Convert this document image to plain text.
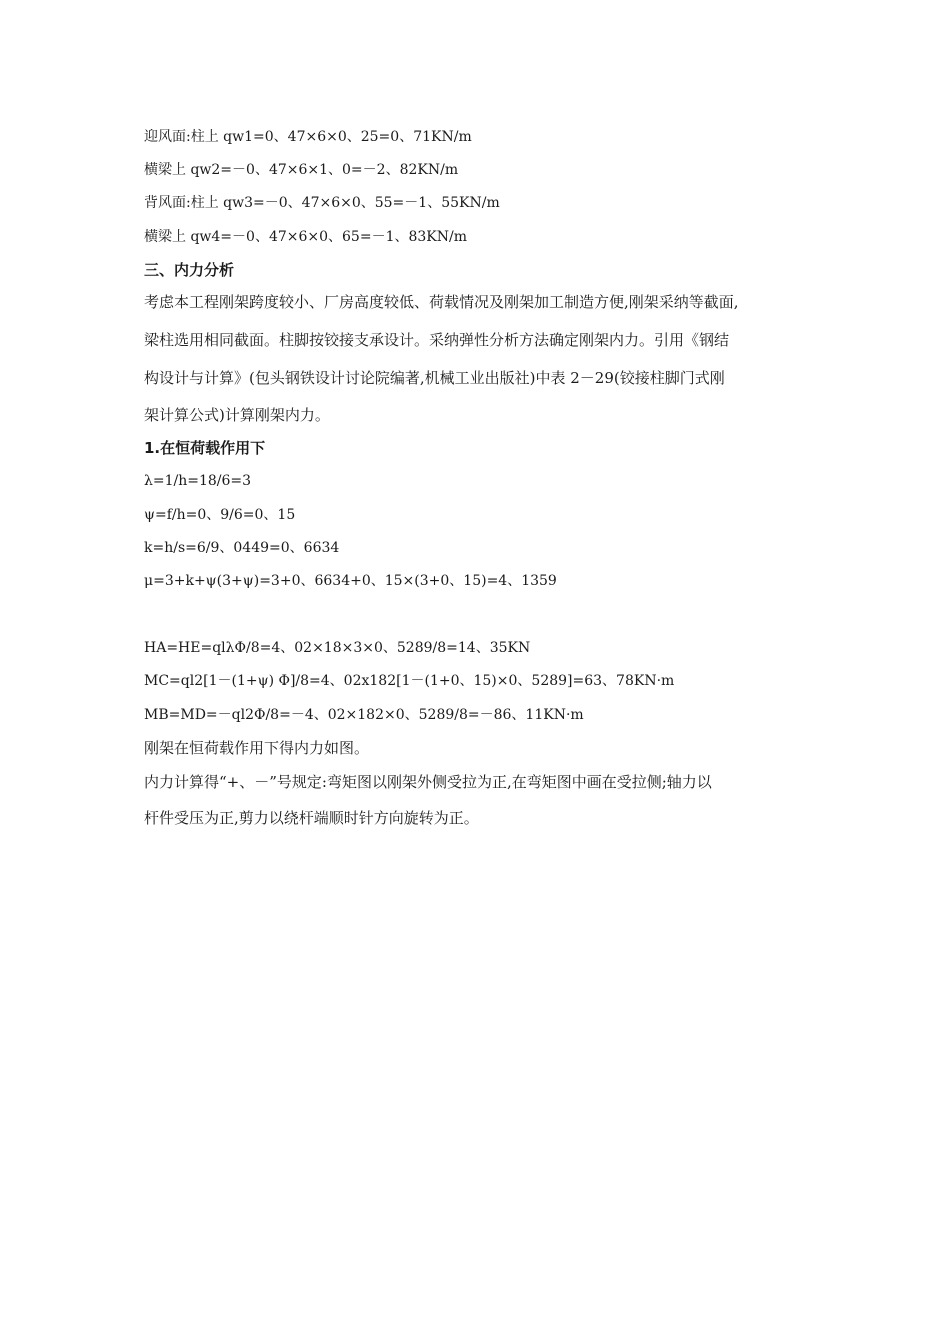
迎风面:柱上 qw1=0、47×6×0、25=0、71KN/m
横梁上 qw2=－0、47×6×1、0=－2、82KN/m
背风面:柱上 qw3=－0、47×6×0、55=－1、55KN/m
横梁上 qw4=－0、47×6×0、65=－1、83KN/m
三、内力分析
考虑本工程刚架跨度较小、厂房高度较低、荷载情况及刚架加工制造方便,刚架采纳等截面,
梁柱选用相同截面。柱脚按铰接支承设计。采纳弹性分析方法确定刚架内力。引用《钢结
构设计与计算》(包头钢铁设计讨论院编著,机械工业出版社)中表 2－29(铰接柱脚门式刚
架计算公式)计算刚架内力。
1.在恒荷载作用下
λ=1/h=18/6=3
ψ=f/h=0、9/6=0、15
k=h/s=6/9、0449=0、6634
μ=3+k+ψ(3+ψ)=3+0、6634+0、15×(3+0、15)=4、1359
HA=HE=qlλΦ/8=4、02×18×3×0、5289/8=14、35KN
MC=ql2[1－(1+ψ) Φ]/8=4、02x182[1－(1+0、15)×0、5289]=63、78KN·m
MB=MD=－ql2Φ/8=－4、02×182×0、5289/8=－86、11KN·m
刚架在恒荷载作用下得内力如图。
内力计算得“+、－”号规定:弯矩图以刚架外侧受拉为正,在弯矩图中画在受拉侧;轴力以
杆件受压为正,剪力以绕杆端顺时针方向旋转为正。
